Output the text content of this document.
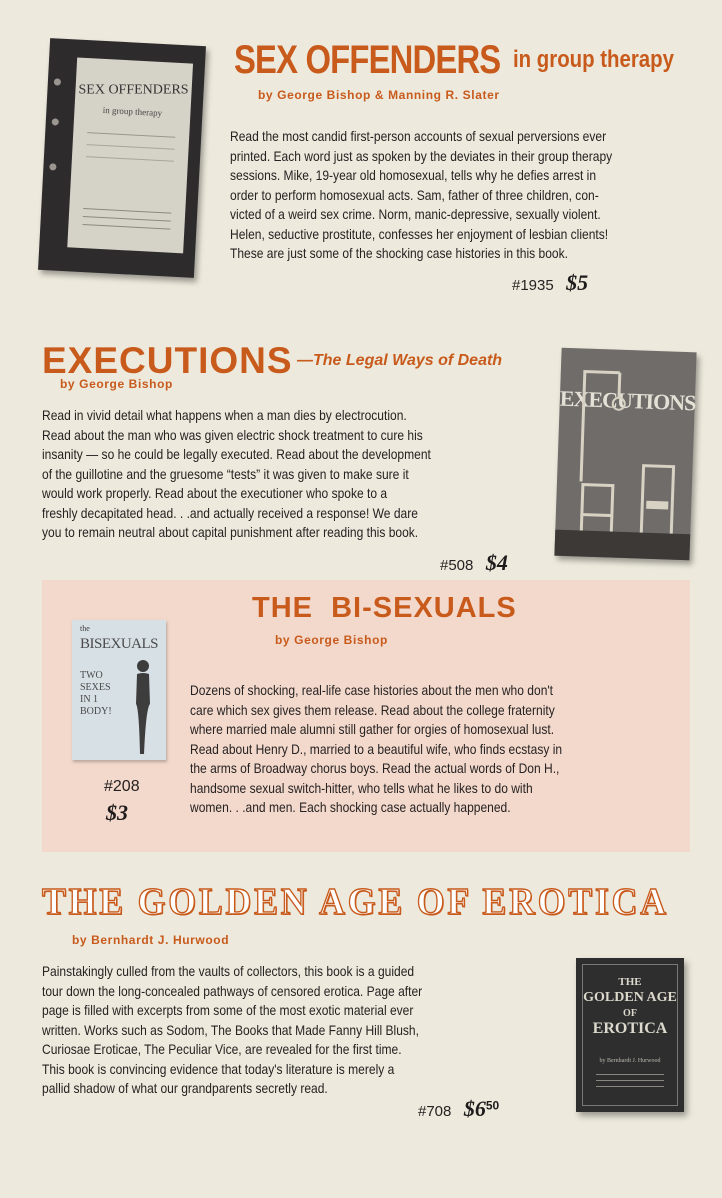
SEX OFFENDERS
in group therapy
SEX OFFENDERS in group therapy
by George Bishop & Manning R. Slater
Read the most candid first-person accounts of sexual perversions ever
printed. Each word just as spoken by the deviates in their group therapy
sessions. Mike, 19-year old homosexual, tells why he defies arrest in
order to perform homosexual acts. Sam, father of three children, con-
victed of a weird sex crime. Norm, manic-depressive, sexually violent.
Helen, seductive prostitute, confesses her enjoyment of lesbian clients!
These are just some of the shocking case histories in this book.
#1935 $5
EXECUTIONS —The Legal Ways of Death
by George Bishop
Read in vivid detail what happens when a man dies by electrocution.
Read about the man who was given electric shock treatment to cure his
insanity — so he could be legally executed. Read about the development
of the guillotine and the gruesome “tests” it was given to make sure it
would work properly. Read about the executioner who spoke to a
freshly decapitated head. . .and actually received a response! We dare
you to remain neutral about capital punishment after reading this book.
EXECUTIONS
#508 $4
THE  BI-SEXUALS
by George Bishop
the
BISEXUALS
TWO SEXES IN 1 BODY!
#208
$3
Dozens of shocking, real-life case histories about the men who don't
care which sex gives them release. Read about the college fraternity
where married male alumni still gather for orgies of homosexual lust.
Read about Henry D., married to a beautiful wife, who finds ecstasy in
the arms of Broadway chorus boys. Read the actual words of Don H.,
handsome sexual switch-hitter, who tells what he likes to do with
women. . .and men. Each shocking case actually happened.
THE GOLDEN AGE OF EROTICA
by Bernhardt J. Hurwood
Painstakingly culled from the vaults of collectors, this book is a guided
tour down the long-concealed pathways of censored erotica. Page after
page is filled with excerpts from some of the most exotic material ever
written. Works such as Sodom, The Books that Made Fanny Hill Blush,
Curiosae Eroticae, The Peculiar Vice, are revealed for the first time.
This book is convincing evidence that today's literature is merely a
pallid shadow of what our grandparents secretly read.
#708 $\$6^{50}$
THE
GOLDEN AGE
OF
EROTICA
by Bernhardt J. Hurwood
